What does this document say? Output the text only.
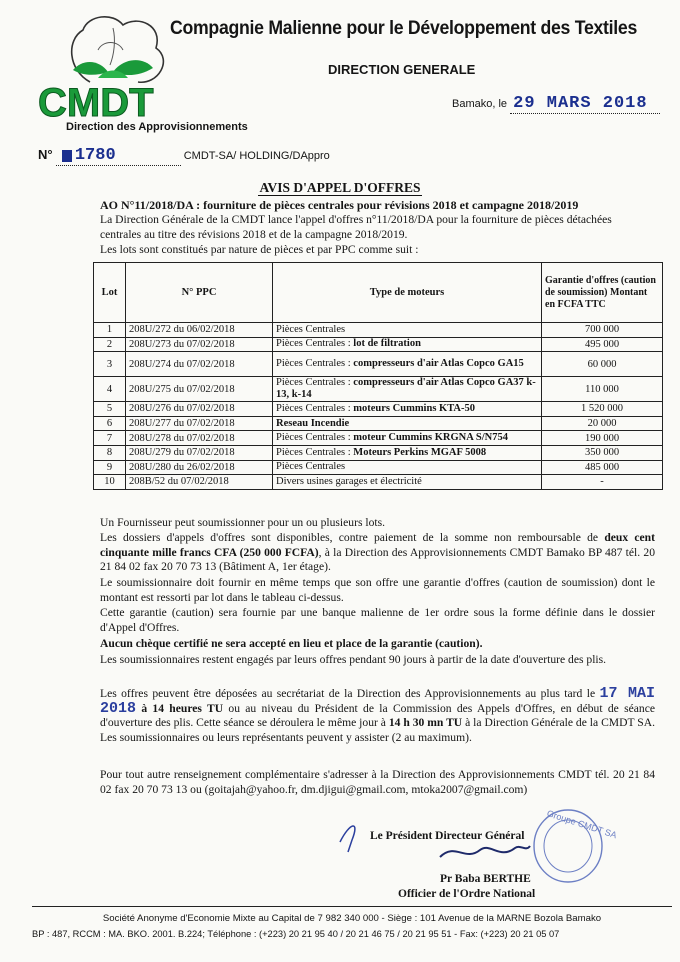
CMDT
Compagnie Malienne pour le Développement des Textiles
DIRECTION GENERALE
Direction des Approvisionnements
Bamako, le 29 MARS 2018
N° 1780	CMDT-SA/ HOLDING/DAppro
AVIS D'APPEL D'OFFRES
AO N°11/2018/DA : fourniture de pièces centrales pour révisions 2018 et campagne 2018/2019
La Direction Générale de la CMDT lance l'appel d'offres n°11/2018/DA pour la fourniture de pièces détachées centrales au titre des révisions 2018 et de la campagne 2018/2019.
Les lots sont constitués par nature de pièces et par PPC comme suit :
Lot	N° PPC	Type de moteurs	Garantie d'offres (caution de soumission) Montant en FCFA TTC
1	208U/272 du 06/02/2018	Pièces Centrales	700 000
2	208U/273 du 07/02/2018	Pièces Centrales : lot de filtration	495 000
3	208U/274 du 07/02/2018	Pièces Centrales : compresseurs d'air Atlas Copco GA15	60 000
4	208U/275 du 07/02/2018	Pièces Centrales : compresseurs d'air Atlas Copco GA37 k-13, k-14	110 000
5	208U/276 du 07/02/2018	Pièces Centrales : moteurs Cummins KTA-50	1 520 000
6	208U/277 du 07/02/2018	Reseau Incendie	20 000
7	208U/278 du 07/02/2018	Pièces Centrales : moteur Cummins KRGNA S/N754	190 000
8	208U/279 du 07/02/2018	Pièces Centrales : Moteurs Perkins MGAF 5008	350 000
9	208U/280 du 26/02/2018	Pièces Centrales	485 000
10	208B/52 du 07/02/2018	Divers usines garages et électricité	-
Un Fournisseur peut soumissionner pour un ou plusieurs lots.
Les dossiers d'appels d'offres sont disponibles, contre paiement de la somme non remboursable de deux cent cinquante mille francs CFA (250 000 FCFA), à la Direction des Approvisionnements CMDT Bamako BP 487 tél. 20 21 84 02 fax 20 70 73 13 (Bâtiment A, 1er étage).
Le soumissionnaire doit fournir en même temps que son offre une garantie d'offres (caution de soumission) dont le montant est ressorti par lot dans le tableau ci-dessus.
Cette garantie (caution) sera fournie par une banque malienne de 1er ordre sous la forme définie dans le dossier d'Appel d'Offres.
Aucun chèque certifié ne sera accepté en lieu et place de la garantie (caution).
Les soumissionnaires restent engagés par leurs offres pendant 90 jours à partir de la date d'ouverture des plis.
Les offres peuvent être déposées au secrétariat de la Direction des Approvisionnements au plus tard le 17 MAI 2018 à 14 heures TU ou au niveau du Président de la Commission des Appels d'Offres, en début de séance d'ouverture des plis. Cette séance se déroulera le même jour à 14 h 30 mn TU à la Direction Générale de la CMDT SA. Les soumissionnaires ou leurs représentants peuvent y assister (2 au maximum).
Pour tout autre renseignement complémentaire s'adresser à la Direction des Approvisionnements CMDT tél. 20 21 84 02 fax 20 70 73 13 ou (goitajah@yahoo.fr, dm.djigui@gmail.com, mtoka2007@gmail.com)
Le Président Directeur Général Groupe CMDT SA
Pr Baba BERTHE
Officier de l'Ordre National
Société Anonyme d'Economie Mixte au Capital de 7 982 340 000 - Siège : 101 Avenue de la MARNE Bozola Bamako
BP : 487, RCCM : MA. BKO. 2001. B.224; Téléphone : (+223) 20 21 95 40 / 20 21 46 75 / 20 21 95 51 - Fax: (+223) 20 21 05 07
